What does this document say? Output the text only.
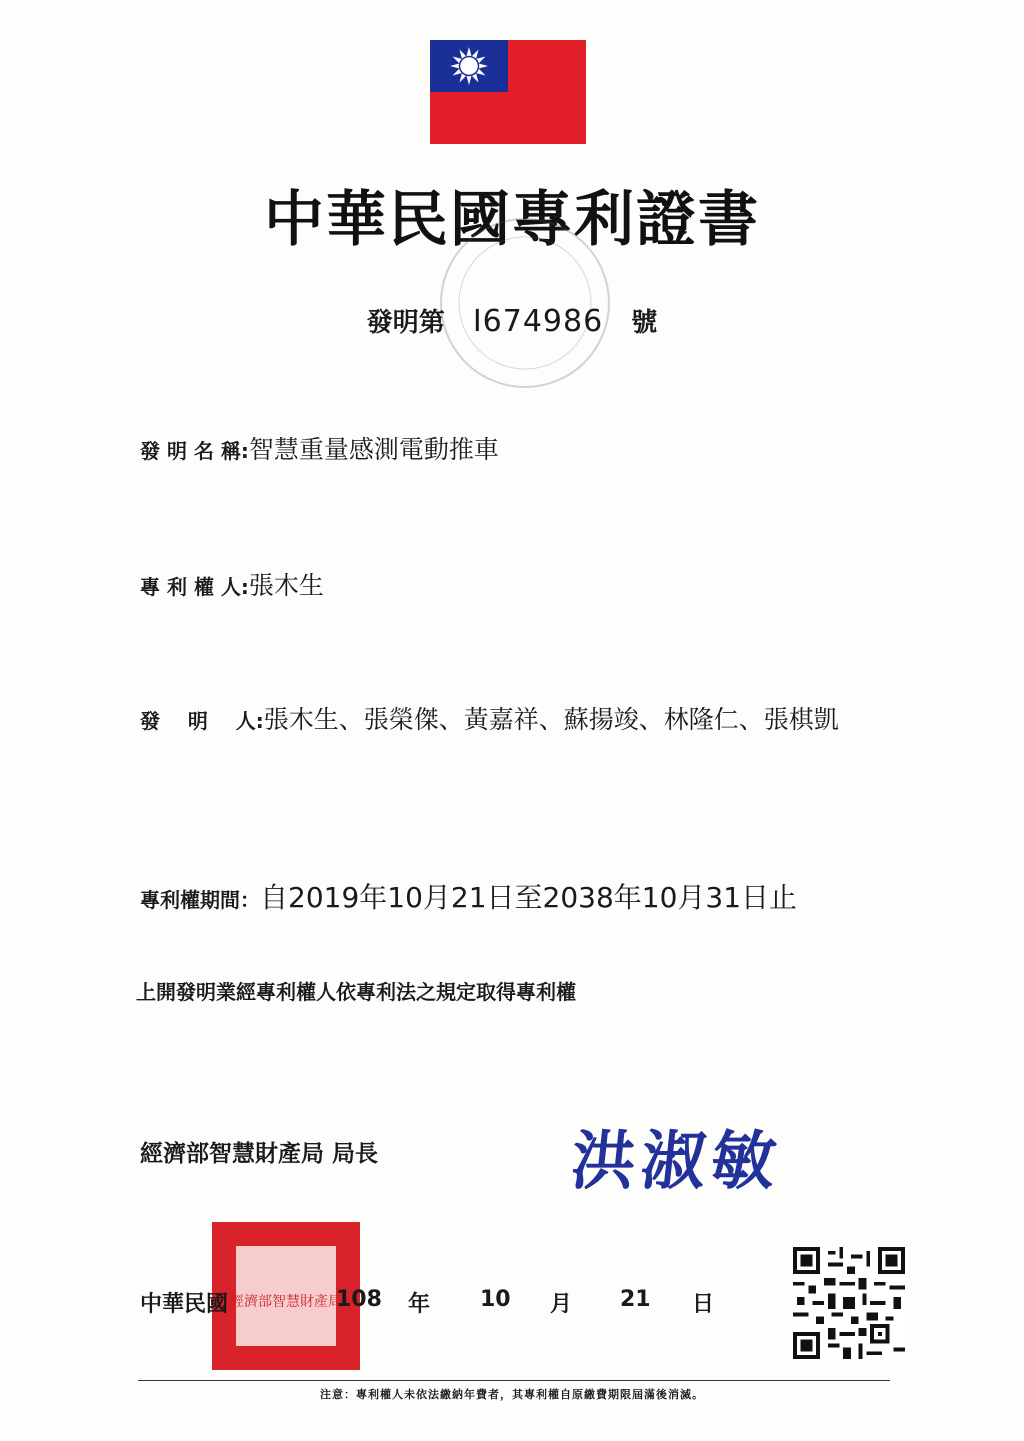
中華民國專利證書
發明第 I674986 號
發 明 名 稱:智慧重量感測電動推車
專 利 權 人:張木生
發    明    人:張木生、張榮傑、黃嘉祥、蘇揚竣、林隆仁、張棋凱
專利權期間：自2019年10月21日至2038年10月31日止
上開發明業經專利權人依專利法之規定取得專利權
經濟部智慧財產局 局長	洪淑敏
經濟部智慧財產局
中華民國	108 年 10 月 21 日
注意：專利權人未依法繳納年費者，其專利權自原繳費期限屆滿後消滅。
